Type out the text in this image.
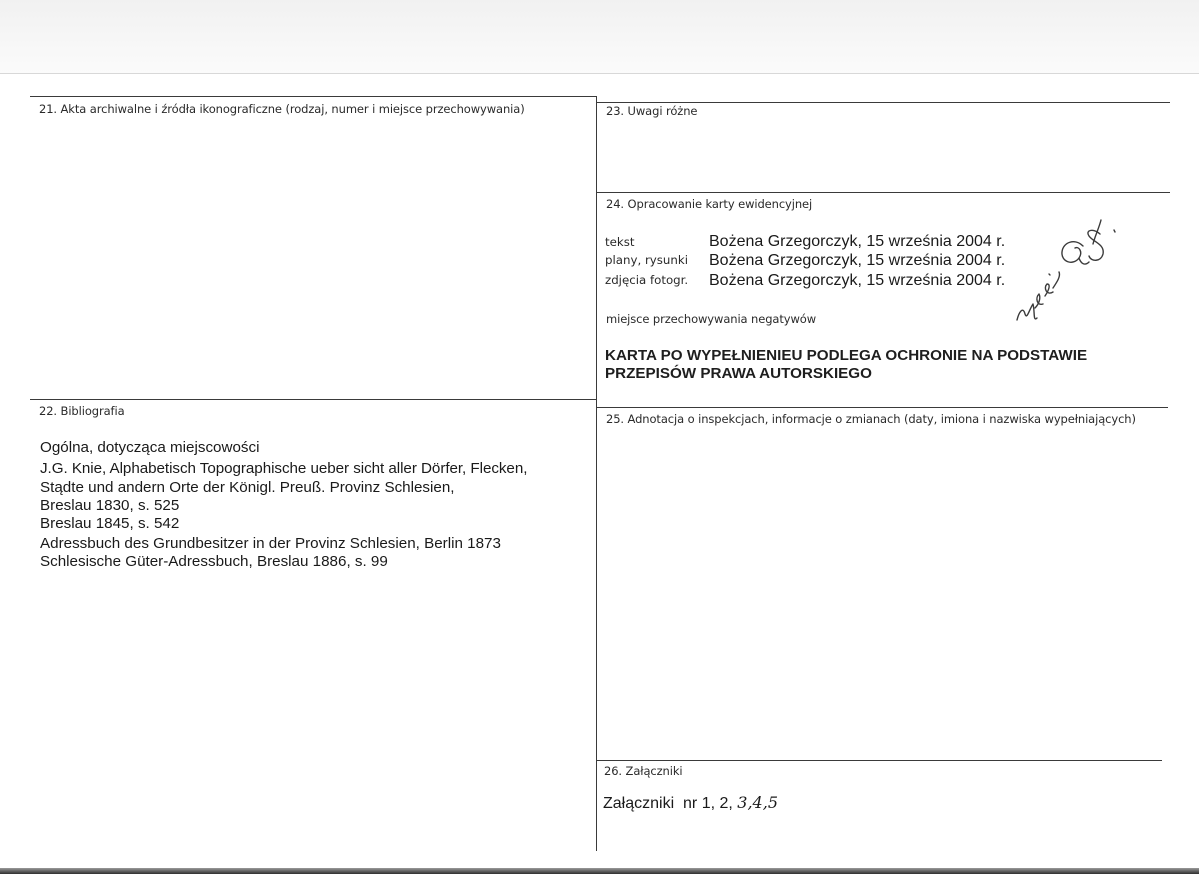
21. Akta archiwalne i źródła ikonograficzne (rodzaj, numer i miejsce przechowywania)	23. Uwagi różne
24. Opracowanie karty ewidencyjnej
tekst	Bożena Grzegorczyk, 15 września 2004 r.
plany, rysunki Bożena Grzegorczyk, 15 września 2004 r.
zdjęcia fotogr. Bożena Grzegorczyk, 15 września 2004 r.
miejsce przechowywania negatywów
KARTA PO WYPEŁNIENIEU PODLEGA OCHRONIE NA PODSTAWIE
PRZEPISÓW PRAWA AUTORSKIEGO
22. Bibliografia
Ogólna, dotycząca miejscowości
J.G. Knie, Alphabetisch Topographische ueber sicht aller Dörfer, Flecken,
Stądte und andern Orte der Königl. Preuß. Provinz Schlesien,
Breslau 1830, s. 525
Breslau 1845, s. 542
Adressbuch des Grundbesitzer in der Provinz Schlesien, Berlin 1873
Schlesische Güter-Adressbuch, Breslau 1886, s. 99
25. Adnotacja o inspekcjach, informacje o zmianach (daty, imiona i nazwiska wypełniających)
26. Załączniki
Załączniki  nr 1, 2, 3,4,5
